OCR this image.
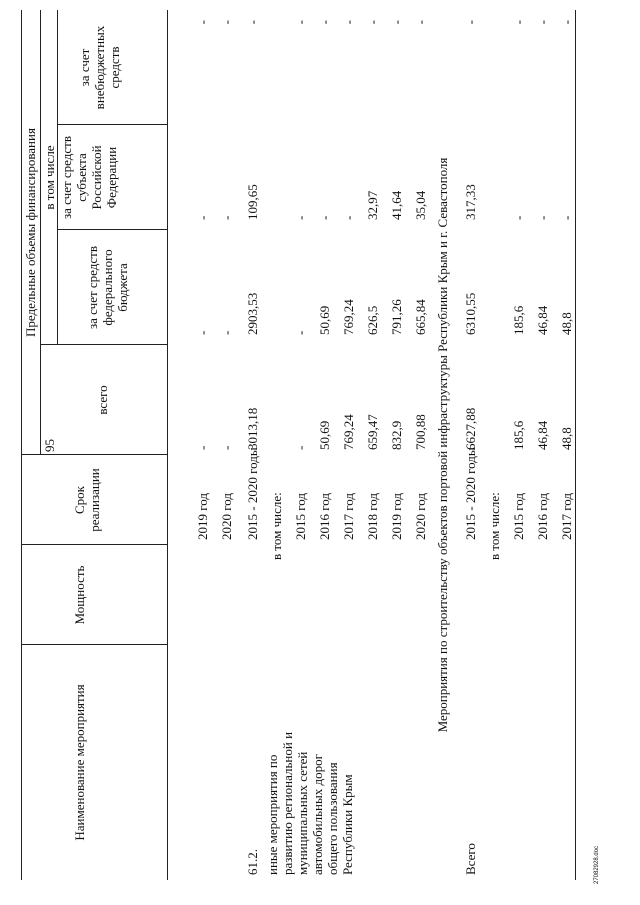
95
27082928.doc
Наименование мероприятия
Мощность
Срок реализации
Предельные объемы финансирования
всего
в том числе
за счет средств федерального бюджета
за счет средств субъекта Российской Федерации
за счет внебюджетных средств
2019 год
-
-
-
-
2020 год
-
-
-
-
2015 - 2020 годы
3013,18
2903,53
109,65
-
в том числе: 2015 год
-
-
-
-
2016 год
50,69
50,69
-
-
2017 год
769,24
769,24
-
-
2018 год
659,47
626,5
32,97
-
2019 год
832,9
791,26
41,64
-
2020 год
700,88
665,84
35,04
-
2015 - 2020 годы
6627,88
6310,55
317,33
-
в том числе: 2015 год
185,6
185,6
-
-
2016 год
46,84
46,84
-
-
2017 год
48,8
48,8
-
-
61.2. иные мероприятия по развитию региональной и муниципальных сетей автомобильных дорог общего пользования Республики Крым
Мероприятия по строительству объектов портовой инфраструктуры Республики Крым и г. Севастополя
Всего
